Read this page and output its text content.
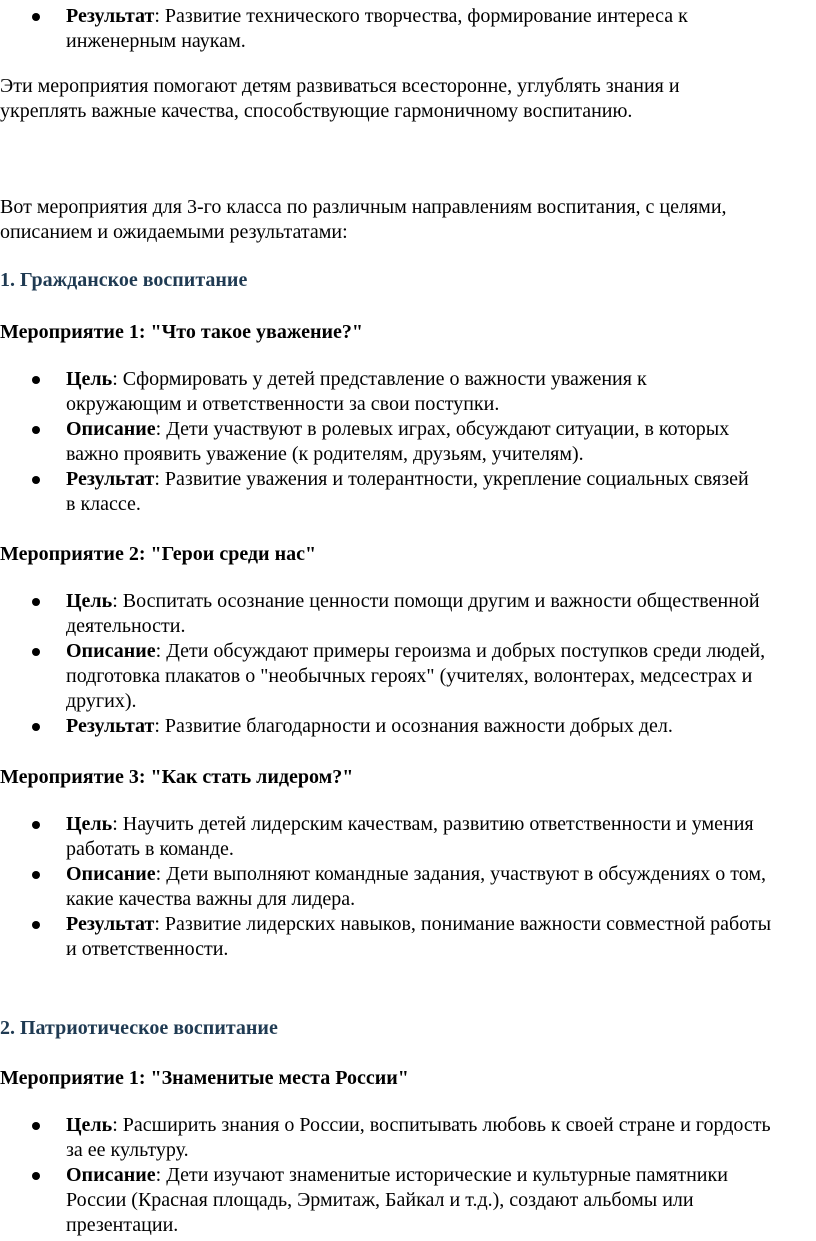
Результат: Развитие технического творчества, формирование интереса к инженерным наукам.

Эти мероприятия помогают детям развиваться всесторонне, углублять знания и укреплять важные качества, способствующие гармоничному воспитанию.

Вот мероприятия для 3-го класса по различным направлениям воспитания, с целями, описанием и ожидаемыми результатами:

1. Гражданское воспитание
Мероприятие 1: "Что такое уважение?"
Цель: Сформировать у детей представление о важности уважения к окружающим и ответственности за свои поступки.
Описание: Дети участвуют в ролевых играх, обсуждают ситуации, в которых важно проявить уважение (к родителям, друзьям, учителям).
Результат: Развитие уважения и толерантности, укрепление социальных связей в классе.
Мероприятие 2: "Герои среди нас"
Цель: Воспитать осознание ценности помощи другим и важности общественной деятельности.
Описание: Дети обсуждают примеры героизма и добрых поступков среди людей, подготовка плакатов о "необычных героях" (учителях, волонтерах, медсестрах и других).
Результат: Развитие благодарности и осознания важности добрых дел.
Мероприятие 3: "Как стать лидером?"
Цель: Научить детей лидерским качествам, развитию ответственности и умения работать в команде.
Описание: Дети выполняют командные задания, участвуют в обсуждениях о том, какие качества важны для лидера.
Результат: Развитие лидерских навыков, понимание важности совместной работы и ответственности.
2. Патриотическое воспитание
Мероприятие 1: "Знаменитые места России"
Цель: Расширить знания о России, воспитывать любовь к своей стране и гордость за ее культуру.
Описание: Дети изучают знаменитые исторические и культурные памятники России (Красная площадь, Эрмитаж, Байкал и т.д.), создают альбомы или презентации.
